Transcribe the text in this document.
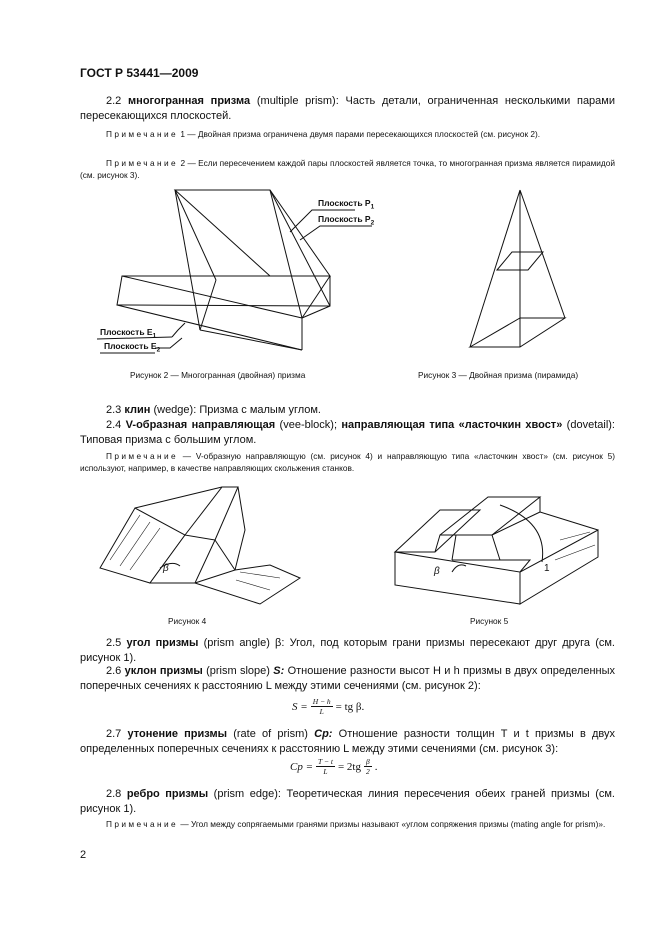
ГОСТ Р 53441—2009
2.2 многогранная призма (multiple prism): Часть детали, ограниченная несколькими парами пересекающихся плоскостей.
Примечание 1 — Двойная призма ограничена двумя парами пересекающихся плоскостей (см. рисунок 2).
Примечание 2 — Если пересечением каждой пары плоскостей является точка, то многогранная призма является пирамидой (см. рисунок 3).
Плоскость $P_1$
Плоскость $P_2$
Плоскость $E_1$
Плоскость $E_2$
Рисунок 2 — Многогранная (двойная) призма	Рисунок 3 — Двойная призма (пирамида)
2.3 клин (wedge): Призма с малым углом.
2.4 V-образная направляющая (vee-block); направляющая типа «ласточкин хвост» (dovetail): Типовая призма с большим углом.
Примечание — V-образную направляющую (см. рисунок 4) и направляющую типа «ласточкин хвост» (см. рисунок 5) используют, например, в качестве направляющих скольжения станков.
β	β	1
Рисунок 4	Рисунок 5
2.5 угол призмы (prism angle) β: Угол, под которым грани призмы пересекают друг друга (см. рисунок 1).
2.6 уклон призмы (prism slope) S: Отношение разности высот H и h призмы в двух определенных поперечных сечениях к расстоянию L между этими сечениями (см. рисунок 2):
$S = \frac{H - h}{L}$ = tg β.
2.7 утонение призмы (rate of prism) Cp: Отношение разности толщин T и t призмы в двух определенных поперечных сечениях к расстоянию L между этими сечениями (см. рисунок 3):
$Cp = \frac{T - t}{L} = 2tg \frac{\beta}{2}$ .
2.8 ребро призмы (prism edge): Теоретическая линия пересечения обеих граней призмы (см. рисунок 1).
Примечание — Угол между сопрягаемыми гранями призмы называют «углом сопряжения призмы (mating angle for prism)».
2
